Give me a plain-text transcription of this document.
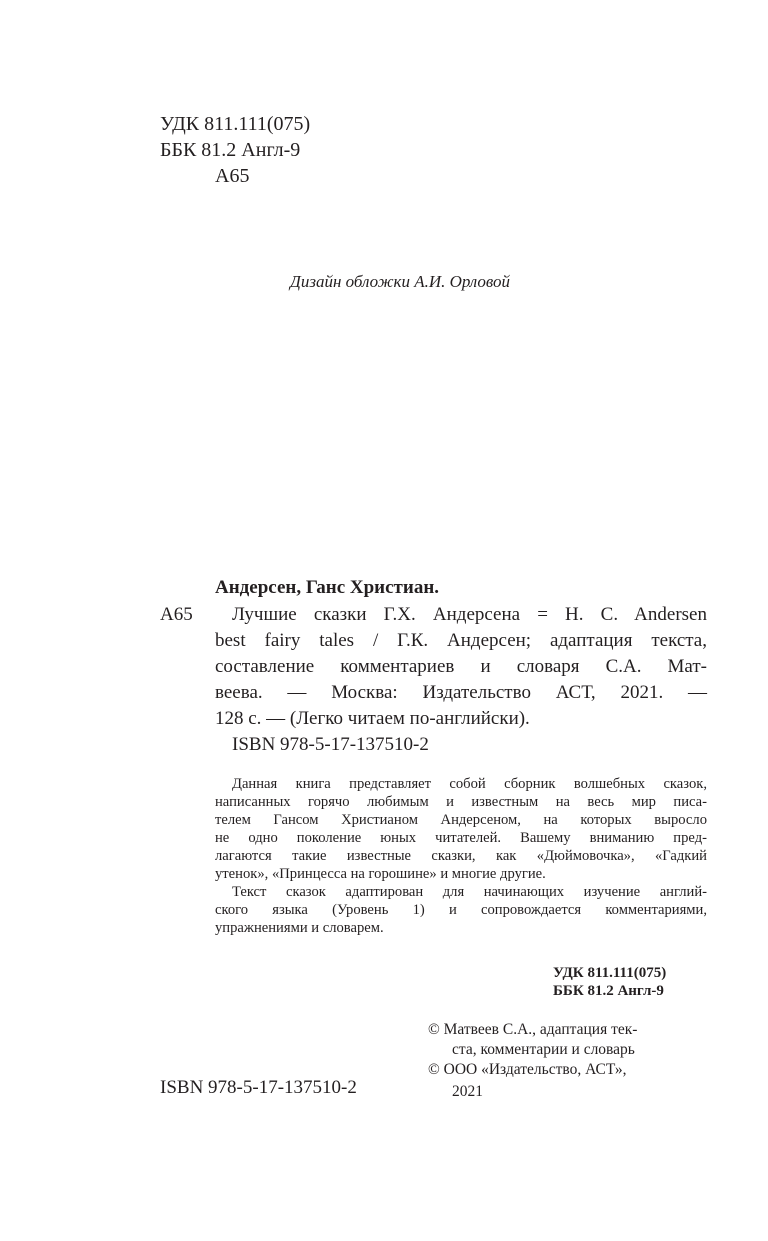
УДК 811.111(075)
ББК 81.2 Англ-9
А65
Дизайн обложки А.И. Орловой
Андерсен, Ганс Христиан.
А65 Лучшие сказки Г.Х. Андерсена = H. C. Andersen
best fairy tales / Г.К. Андерсен; адаптация текста,
составление комментариев и словаря С.А. Мат-
веева. — Москва: Издательство АСТ, 2021. —
128 с. — (Легко читаем по-английски).
ISBN 978-5-17-137510-2
Данная книга представляет собой сборник волшебных сказок,
написанных горячо любимым и известным на весь мир писа-
телем Гансом Христианом Андерсеном, на которых выросло
не одно поколение юных читателей. Вашему вниманию пред-
лагаются такие известные сказки, как «Дюймовочка», «Гадкий
утенок», «Принцесса на горошине» и многие другие.
Текст сказок адаптирован для начинающих изучение англий-
ского языка (Уровень 1) и сопровождается комментариями,
упражнениями и словарем.
УДК 811.111(075)
ББК 81.2 Англ-9
© Матвеев С.А., адаптация тек-
ста, комментарии и словарь
© ООО «Издательство, АСТ»,
2021
ISBN 978-5-17-137510-2
